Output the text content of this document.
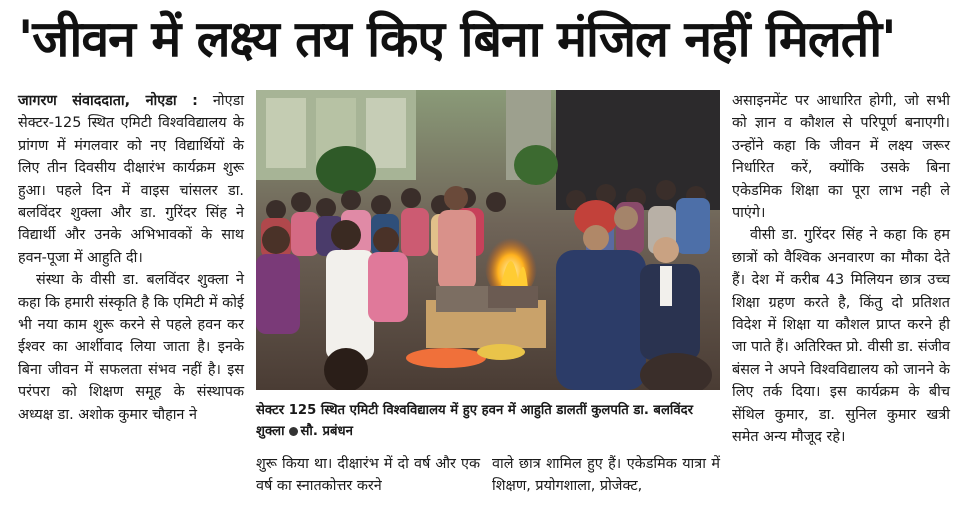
'जीवन में लक्ष्य तय किए बिना मंजिल नहीं मिलती'

जागरण संवाददाता, नोएडा : नोएडा सेक्टर-125 स्थित एमिटी विश्वविद्यालय के प्रांगण में मंगलवार को नए विद्यार्थियों के लिए तीन दिवसीय दीक्षारंभ कार्यक्रम शुरू हुआ। पहले दिन में वाइस चांसलर डा. बलविंदर शुक्ला और डा. गुरिंदर सिंह ने विद्यार्थी और उनके अभिभावकों के साथ हवन-पूजा में आहुति दी।

संस्था के वीसी डा. बलविंदर शुक्ला ने कहा कि हमारी संस्कृति है कि एमिटी में कोई भी नया काम शुरू करने से पहले हवन कर ईश्वर का आर्शीवाद लिया जाता है। इनके बिना जीवन में सफलता संभव नहीं है। इस परंपरा को शिक्षण समूह के संस्थापक अध्यक्ष डा. अशोक कुमार चौहान ने	सेक्टर 125 स्थित एमिटी विश्वविद्यालय में हुए हवन में आहुति डालतीं कुलपति डा. बलविंदर शुक्ला सौ. प्रबंधन
शुरू किया था। दीक्षारंभ में दो वर्ष और एक वर्ष का स्नातकोत्तर करने
वाले छात्र शामिल हुए हैं। एकेडमिक यात्रा में शिक्षण, प्रयोगशाला, प्रोजेक्ट,

असाइनमेंट पर आधारित होगी, जो सभी को ज्ञान व कौशल से परिपूर्ण बनाएगी। उन्होंने कहा कि जीवन में लक्ष्य जरूर निर्धारित करें, क्योंकि उसके बिना एकेडमिक शिक्षा का पूरा लाभ नही ले पाएंगे।

वीसी डा. गुरिंदर सिंह ने कहा कि हम छात्रों को वैश्विक अनवारण का मौका देते हैं। देश में करीब 43 मिलियन छात्र उच्च शिक्षा ग्रहण करते है, किंतु दो प्रतिशत विदेश में शिक्षा या कौशल प्राप्त करने ही जा पाते हैं। अतिरिक्त प्रो. वीसी डा. संजीव बंसल ने अपने विश्वविद्यालय को जानने के लिए तर्क दिया। इस कार्यक्रम के बीच सेंथिल कुमार, डा. सुनिल कुमार खत्री समेत अन्य मौजूद रहे।
